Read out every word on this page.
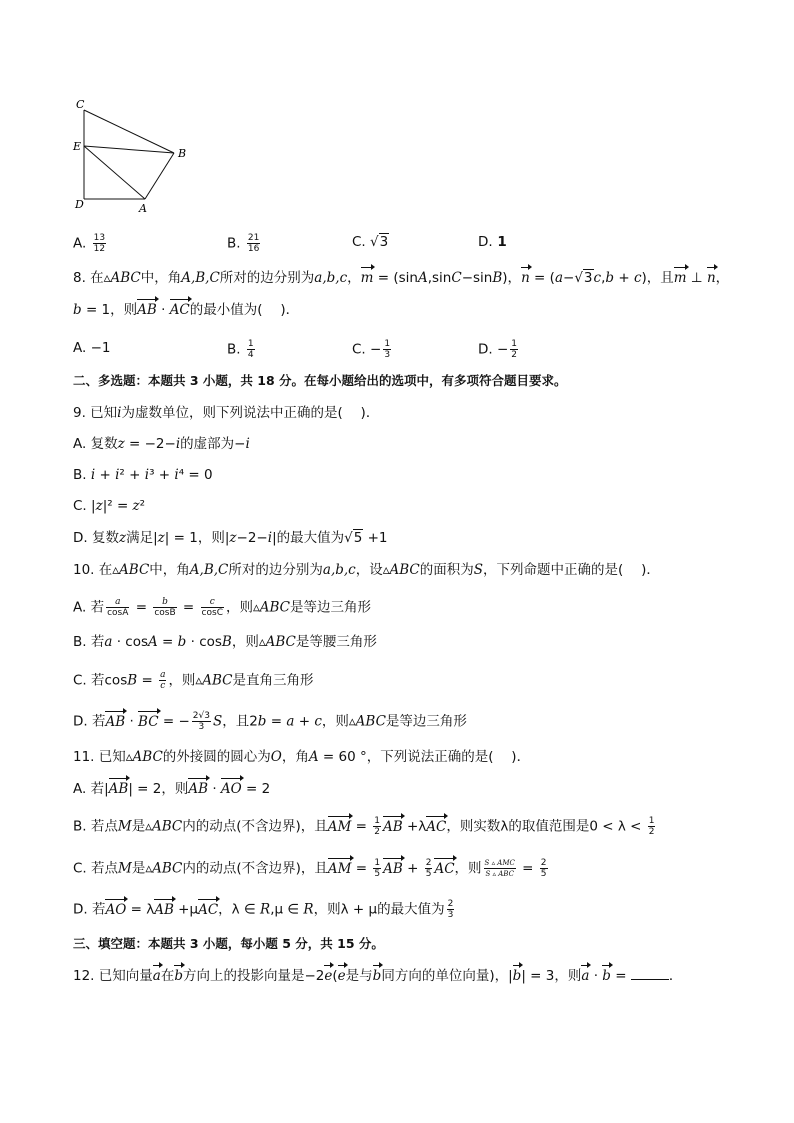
C
E
B
D	A
A. $\frac{13}{12}$	B. $\frac{21}{16}$	C. √3	D. 1
8. 在▵ABC中，角A,B,C所对的边分别为a,b,c，m = (sinA,sinC−sinB)，n = (a−√3c,b + c)，且m ⊥ n，
b = 1，则AB · AC的最小值为(　 )．
A. −1	B. $\frac{1}{4}$	C. − $\frac{1}{3}$	D. − $\frac{1}{2}$
二、多选题：本题共 3 小题，共 18 分。在每小题给出的选项中，有多项符合题目要求。
9. 已知i为虚数单位，则下列说法中正确的是(　 )．
A. 复数z = −2−i的虚部为−i
B. i + i² + i³ + i⁴ = 0
C. |z|² = z²
D. 复数z满足|z| = 1，则|z−2−i|的最大值为√5 +1
10. 在▵ABC中，角A,B,C所对的边分别为a,b,c，设▵ABC的面积为S，下列命题中正确的是(　 )．
A. 若 $\frac{a}{\cos A} = \frac{b}{\cos B} = \frac{c}{\cos C}$ ，则▵ABC是等边三角形
B. 若a · cosA = b · cosB，则▵ABC是等腰三角形
C. 若$\cos B = \frac{a}{c}$ ，则▵ABC是直角三角形
D. 若AB · BC = − $\frac{2√3}{3}$ S，且2b = a + c，则▵ABC是等边三角形
11. 已知▵ABC的外接圆的圆心为O，角A = 60 °，下列说法正确的是(　 )．
A. 若|AB| = 2，则AB · AO = 2
B. 若点M是▵ABC内的动点(不含边界)，且AM = $\frac{1}{2}$ AB +λAC，则实数λ的取值范围是$0 < \lambda < \frac{1}{2}$
C. 若点M是▵ABC内的动点(不含边界)，且AM = $\frac{1}{5}$ AB + $\frac{2}{5}$ AC，则 $\frac{\text{S ▵ AMC}}{\text{S ▵ ABC}} = \frac{2}{5}$
D. 若AO = λAB +μAC，λ ∈ R,μ ∈ R，则λ + μ的最大值为 $\frac{2}{3}$
三、填空题：本题共 3 小题，每小题 5 分，共 15 分。
12. 已知向量a在b方向上的投影向量是−2e(e是与b同方向的单位向量)，|b| = 3，则a · b =	．
